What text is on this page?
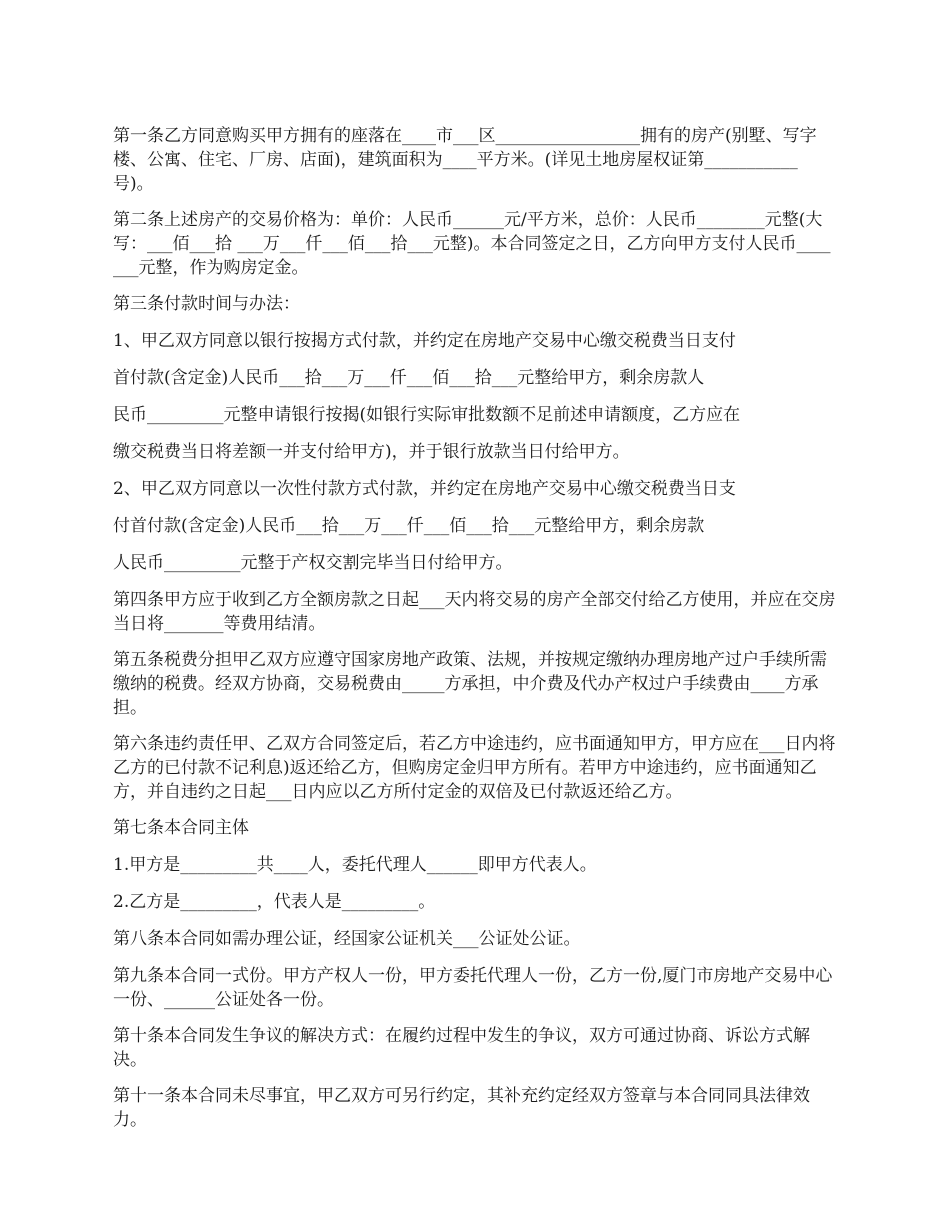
第一条乙方同意购买甲方拥有的座落在____市___区_________________拥有的房产(别墅、写字楼、公寓、住宅、厂房、店面)，建筑面积为____平方米。(详见土地房屋权证第___________号)。

第二条上述房产的交易价格为：单价：人民币______元/平方米，总价：人民币________元整(大写：___佰___拾 ___万___仟___佰___拾___元整)。本合同签定之日，乙方向甲方支付人民币_______元整，作为购房定金。

第三条付款时间与办法：

1、甲乙双方同意以银行按揭方式付款，并约定在房地产交易中心缴交税费当日支付

首付款(含定金)人民币___拾___万___仟___佰___拾___元整给甲方，剩余房款人

民币_________元整申请银行按揭(如银行实际审批数额不足前述申请额度，乙方应在

缴交税费当日将差额一并支付给甲方)，并于银行放款当日付给甲方。

2、甲乙双方同意以一次性付款方式付款，并约定在房地产交易中心缴交税费当日支

付首付款(含定金)人民币___拾___万___仟___佰___拾___元整给甲方，剩余房款

人民币_________元整于产权交割完毕当日付给甲方。

第四条甲方应于收到乙方全额房款之日起___天内将交易的房产全部交付给乙方使用，并应在交房当日将_______等费用结清。

第五条税费分担甲乙双方应遵守国家房地产政策、法规，并按规定缴纳办理房地产过户手续所需缴纳的税费。经双方协商，交易税费由_____方承担，中介费及代办产权过户手续费由____方承担。

第六条违约责任甲、乙双方合同签定后，若乙方中途违约，应书面通知甲方，甲方应在___日内将乙方的已付款不记利息)返还给乙方，但购房定金归甲方所有。若甲方中途违约，应书面通知乙方，并自违约之日起___日内应以乙方所付定金的双倍及已付款返还给乙方。

第七条本合同主体

1.甲方是_________共____人，委托代理人______即甲方代表人。

2.乙方是_________，代表人是_________。

第八条本合同如需办理公证，经国家公证机关___公证处公证。

第九条本合同一式份。甲方产权人一份，甲方委托代理人一份，乙方一份,厦门市房地产交易中心一份、______公证处各一份。

第十条本合同发生争议的解决方式：在履约过程中发生的争议，双方可通过协商、诉讼方式解决。

第十一条本合同未尽事宜，甲乙双方可另行约定，其补充约定经双方签章与本合同同具法律效力。
